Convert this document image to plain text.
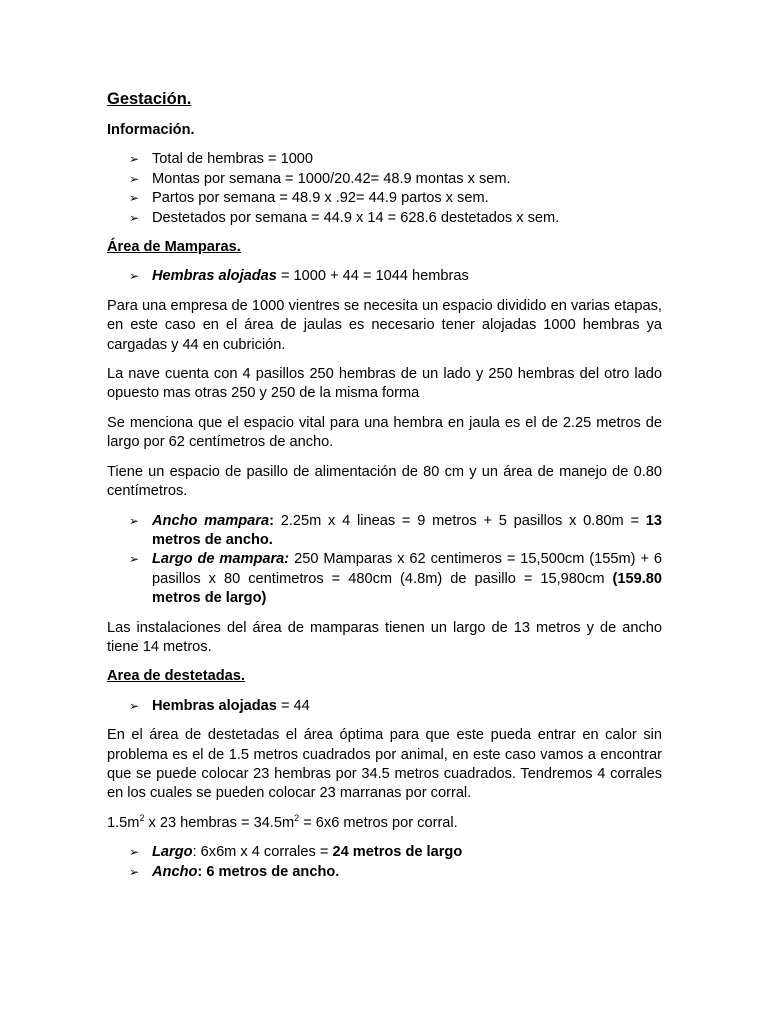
Gestación.
Información.
➢ Total de hembras = 1000
➢ Montas por semana = 1000/20.42= 48.9 montas x sem.
➢ Partos por semana = 48.9 x .92= 44.9 partos x sem.
➢ Destetados por semana = 44.9 x 14 = 628.6 destetados x sem.
Área de Mamparas.
➢ Hembras alojadas = 1000 + 44 = 1044 hembras

Para una empresa de 1000 vientres se necesita un espacio dividido en varias etapas, en este caso en el área de jaulas es necesario tener alojadas 1000 hembras ya cargadas y 44 en cubrición.

La nave cuenta con 4 pasillos 250 hembras de un lado y 250 hembras del otro lado opuesto mas otras 250 y 250 de la misma forma

Se menciona que el espacio vital para una hembra en jaula es el de 2.25 metros de largo por 62 centímetros de ancho.

Tiene un espacio de pasillo de alimentación de 80 cm y un área de manejo de 0.80 centímetros.

➢ Ancho mampara: 2.25m x 4 lineas = 9 metros + 5 pasillos x 0.80m = 13 metros de ancho.
➢ Largo de mampara: 250 Mamparas x 62 centimeros = 15,500cm (155m) + 6 pasillos x 80 centimetros = 480cm (4.8m) de pasillo = 15,980cm (159.80 metros de largo)

Las instalaciones del área de mamparas tienen un largo de 13 metros y de ancho tiene 14 metros.

Area de destetadas.
➢ Hembras alojadas = 44

En el área de destetadas el área óptima para que este pueda entrar en calor sin problema es el de 1.5 metros cuadrados por animal, en este caso vamos a encontrar que se puede colocar 23 hembras por 34.5 metros cuadrados. Tendremos 4 corrales en los cuales se pueden colocar 23 marranas por corral.

$1.5m^2$ x 23 hembras = $34.5m^2 = 6x6$ metros por corral.

➢ Largo: 6x6m x 4 corrales = 24 metros de largo
➢ Ancho: 6 metros de ancho.
